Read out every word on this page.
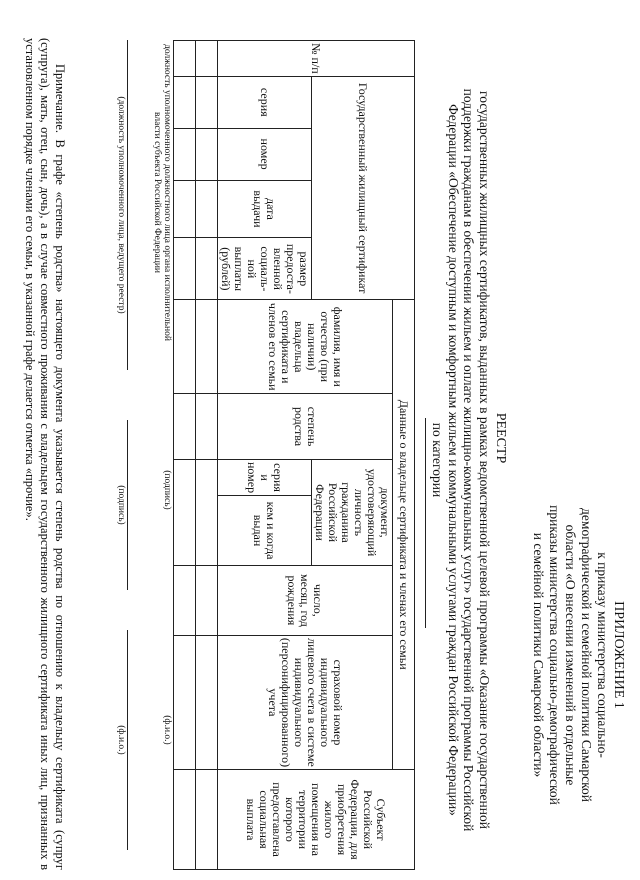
ПРИЛОЖЕНИЕ 1
к приказу министерства социально-
демографической и семейной политики Самарской
области «О внесении изменений в отдельные
приказы министерства социально-демографической
и семейной политики Самарской области»
РЕЕСТР
государственных жилищных сертификатов, выданных в рамках ведомственной целевой программы «Оказание государственной
поддержки гражданам в обеспечении жильем и оплате жилищно-коммунальных услуг» государственной программы Российской
Федерации «Обеспечение доступным и комфортным жильем и коммунальными услугами граждан Российской Федерации»
по категории
№ п/п	Государственный жилищный сертификат				Данные о владельце сертификата и членах его семьи						Субъект Российской Федерации, для приобретения жилого помещения на территории которого предоставлена социальная выплата
					фамилия, имя и отчество (при наличии) владельца сертификата и членов его семьи	степень родства	документ, удостоверяющий личность гражданина Российской Федерации		число, месяц, год рождения	страховой номер индивидуального лицевого счета в системе индивидуального (персонифицированного) учета	
	серия	номер	дата выдачи	размер предоста-вленной социаль-ной выплаты (рублей)			серия и номер	кем и когда выдан			

должность уполномоченного должностного лица органа исполнительной власти субъекта Российской Федерации
(подпись)
(ф.и.о.)
(должность уполномоченного лица, ведущего реестр)
(подпись)
(ф.и.о.)
Примечание. В графе «степень родства» настоящего документа указывается степень родства по отношению к владельцу сертификата (супруг (супруга), мать, отец, сын, дочь), а в случае совместного проживания с владельцем государственного жилищного сертификата иных лиц, признанных в установленном порядке членами его семьи, в указанной графе делается отметка «прочие».
